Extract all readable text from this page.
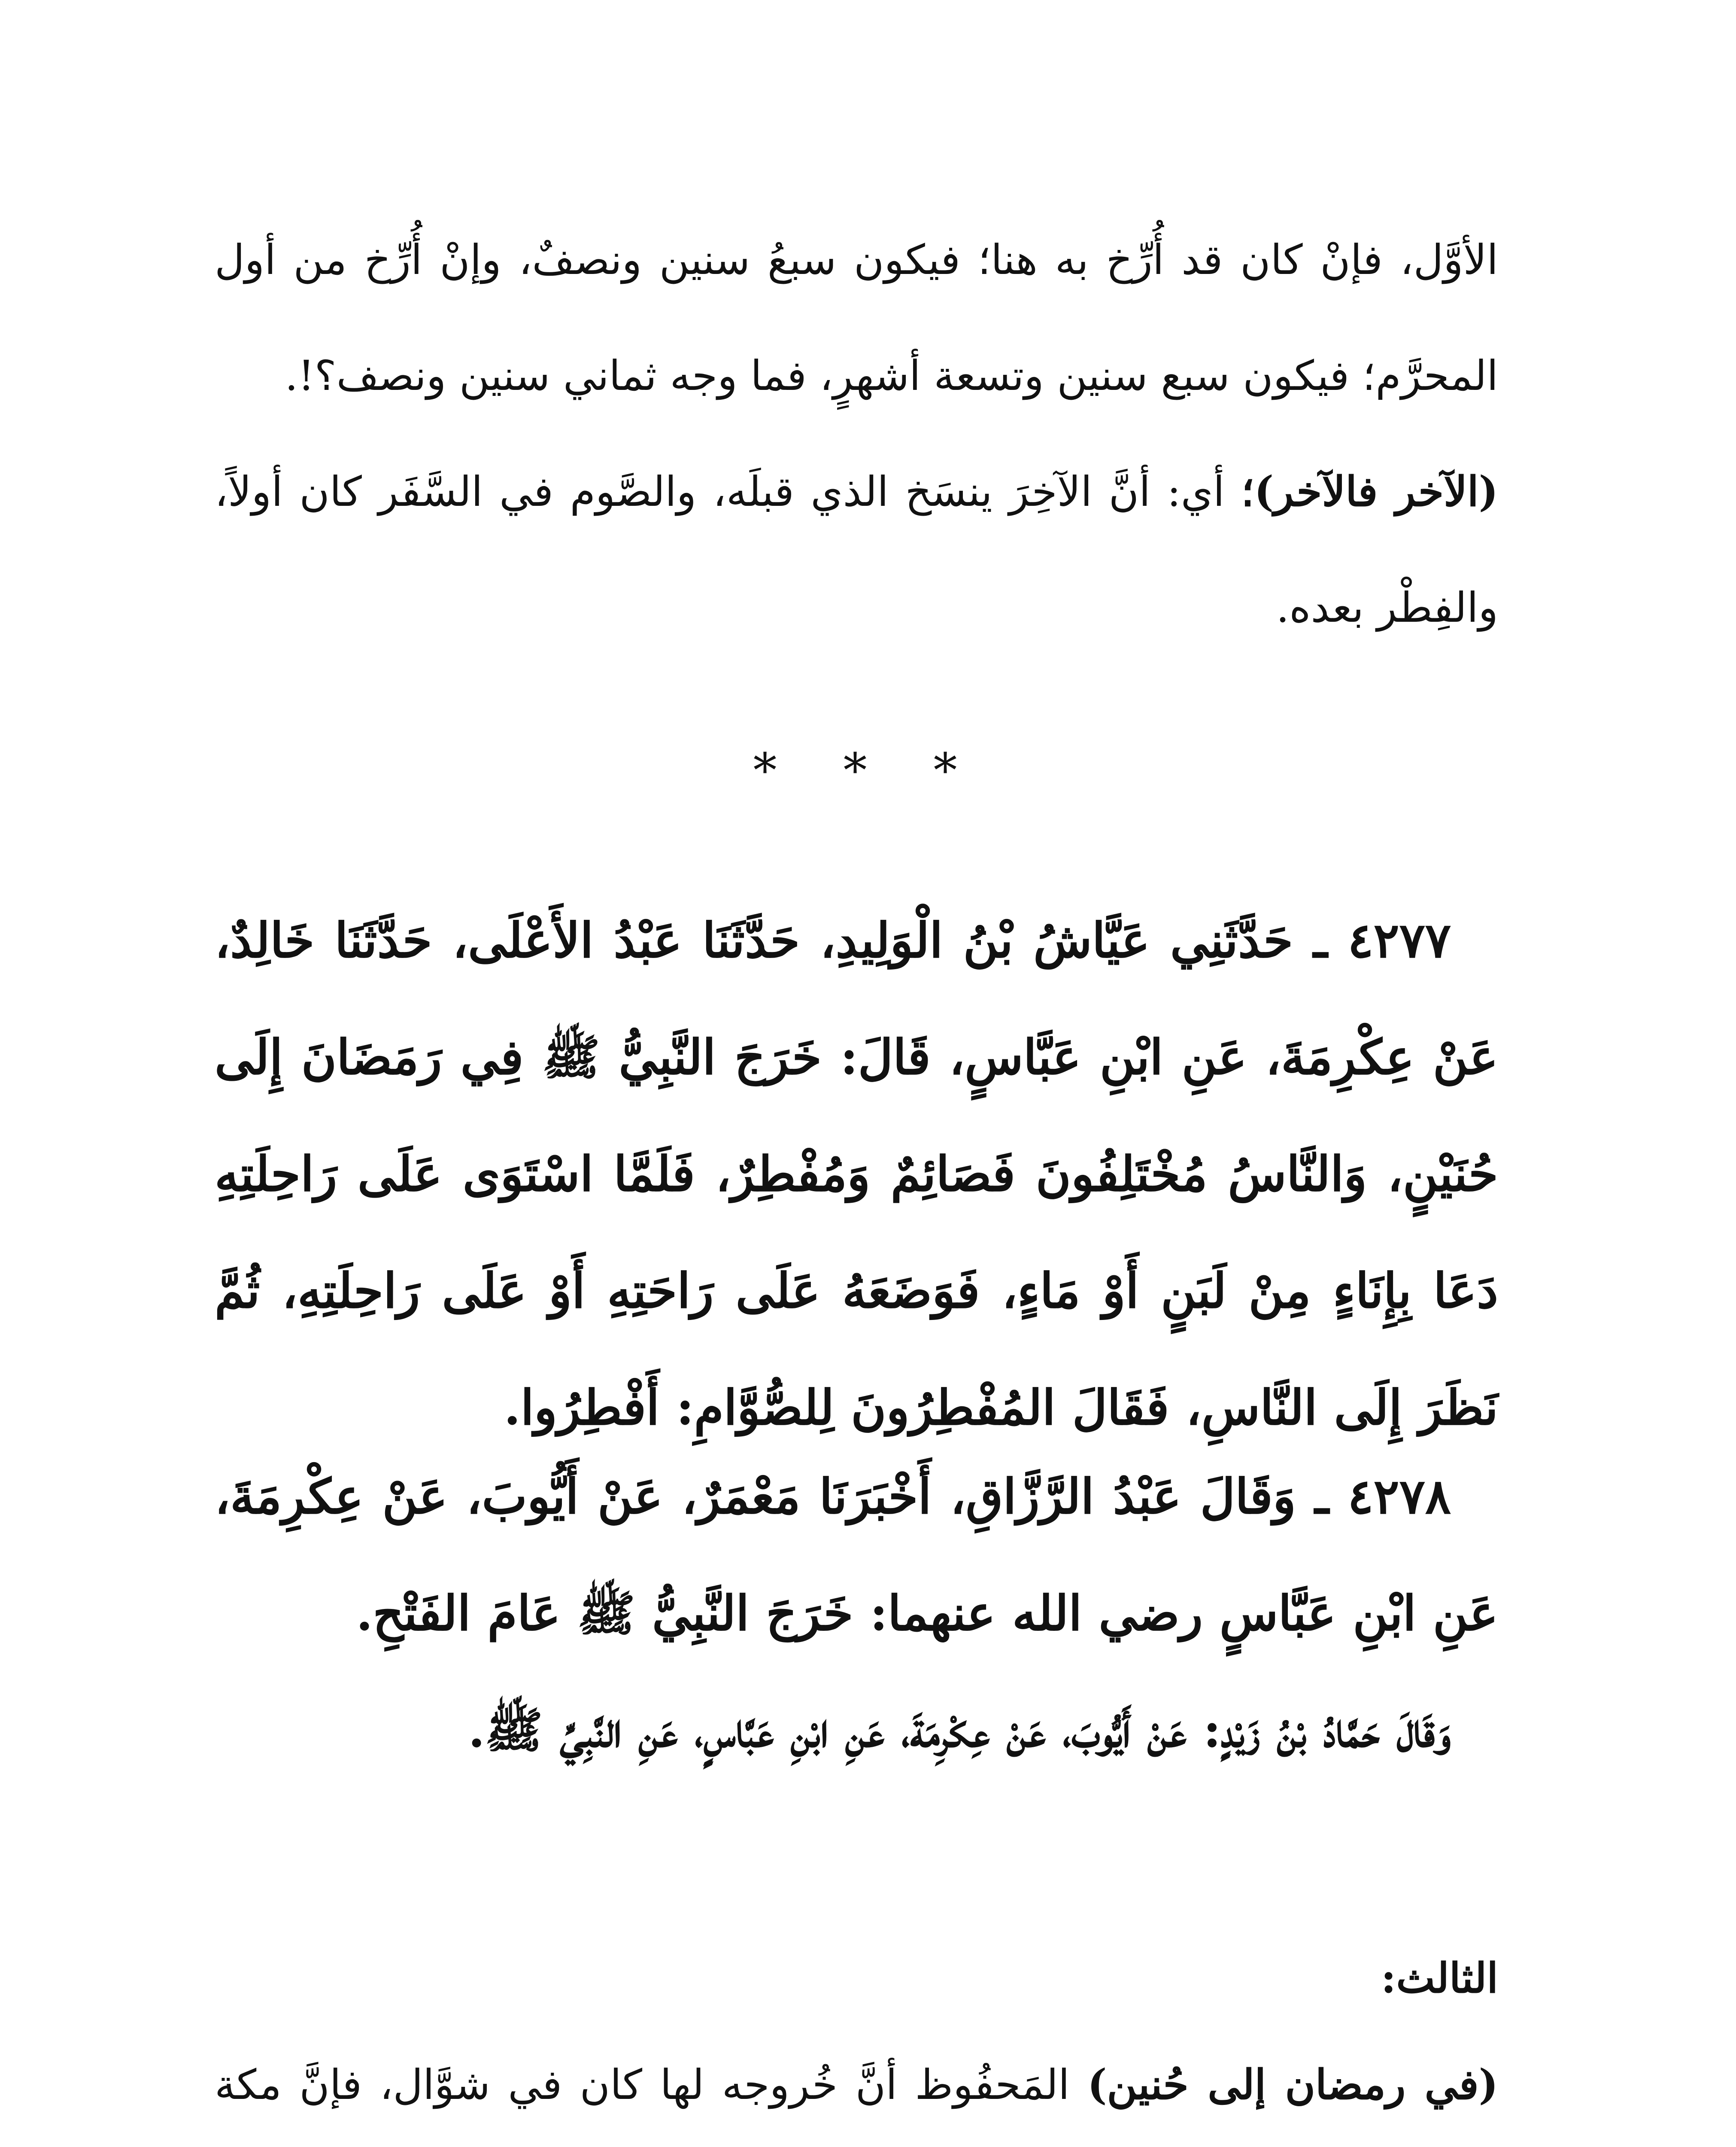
الأوَّل، فإنْ كان قد أُرِّخ به هنا؛ فيكون سبعُ سنين ونصفٌ، وإنْ أُرِّخ من أول المحرَّم؛ فيكون سبع سنين وتسعة أشهرٍ، فما وجه ثماني سنين ونصف؟!.

(الآخر فالآخر)؛ أي: أنَّ الآخِرَ ينسَخ الذي قبلَه، والصَّوم في السَّفَر كان أولاً، والفِطْر بعده.

* * *

٤٢٧٧ ـ حَدَّثَنِي عَيَّاشُ بْنُ الْوَلِيدِ، حَدَّثَنَا عَبْدُ الأَعْلَى، حَدَّثَنَا خَالِدٌ، عَنْ عِكْرِمَةَ، عَنِ ابْنِ عَبَّاسٍ، قَالَ: خَرَجَ النَّبِيُّ ﷺ فِي رَمَضَانَ إِلَى حُنَيْنٍ، وَالنَّاسُ مُخْتَلِفُونَ فَصَائِمٌ وَمُفْطِرٌ، فَلَمَّا اسْتَوَى عَلَى رَاحِلَتِهِ دَعَا بِإِنَاءٍ مِنْ لَبَنٍ أَوْ مَاءٍ، فَوَضَعَهُ عَلَى رَاحَتِهِ أَوْ عَلَى رَاحِلَتِهِ، ثُمَّ نَظَرَ إِلَى النَّاسِ، فَقَالَ المُفْطِرُونَ لِلصُّوَّامِ: أَفْطِرُوا.

٤٢٧٨ ـ وَقَالَ عَبْدُ الرَّزَّاقِ، أَخْبَرَنَا مَعْمَرٌ، عَنْ أَيُّوبَ، عَنْ عِكْرِمَةَ، عَنِ ابْنِ عَبَّاسٍ رضي الله عنهما: خَرَجَ النَّبِيُّ ﷺ عَامَ الفَتْحِ.

وَقَالَ حَمَّادُ بْنُ زَيْدٍ: عَنْ أَيُّوبَ، عَنْ عِكْرِمَةَ، عَنِ ابْنِ عَبَّاسٍ، عَنِ النَّبِيِّ ﷺ.

الثالث:

(في رمضان إلى حُنين) المَحفُوظ أنَّ خُروجه لها كان في شوَّال، فإنَّ مكة
